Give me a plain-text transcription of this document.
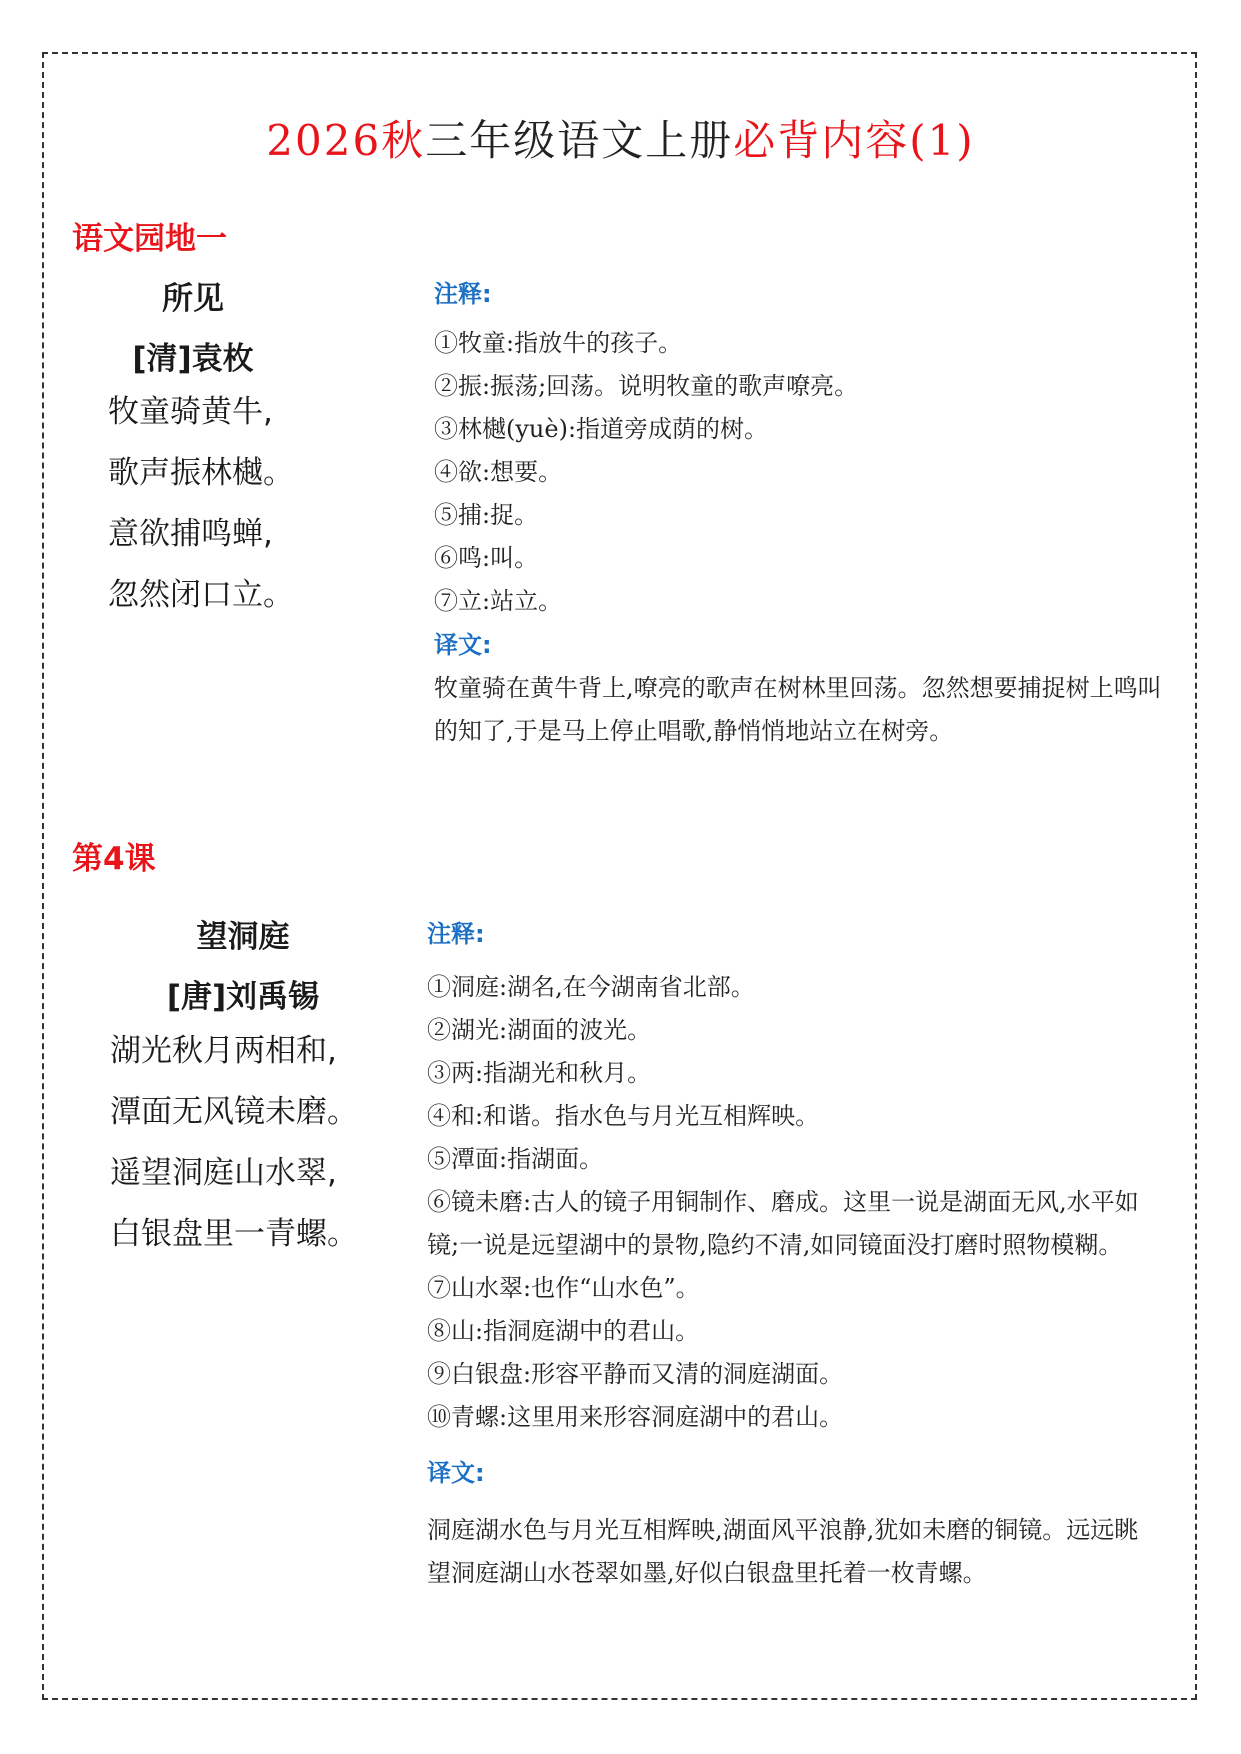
2026秋三年级语文上册必背内容(1)
语文园地一
所见
[清]袁枚
牧童骑黄牛,
歌声振林樾。
意欲捕鸣蝉,
忽然闭口立。
注释:
①牧童:指放牛的孩子。
②振:振荡;回荡。说明牧童的歌声嘹亮。
③林樾(yuè):指道旁成荫的树。
④欲:想要。
⑤捕:捉。
⑥鸣:叫。
⑦立:站立。
译文:
牧童骑在黄牛背上,嘹亮的歌声在树林里回荡。忽然想要捕捉树上鸣叫的知了,于是马上停止唱歌,静悄悄地站立在树旁。
第4课
望洞庭
[唐]刘禹锡
湖光秋月两相和,
潭面无风镜未磨。
遥望洞庭山水翠,
白银盘里一青螺。
注释:
①洞庭:湖名,在今湖南省北部。
②湖光:湖面的波光。
③两:指湖光和秋月。
④和:和谐。指水色与月光互相辉映。
⑤潭面:指湖面。
⑥镜未磨:古人的镜子用铜制作、磨成。这里一说是湖面无风,水平如镜;一说是远望湖中的景物,隐约不清,如同镜面没打磨时照物模糊。
⑦山水翠:也作“山水色”。
⑧山:指洞庭湖中的君山。
⑨白银盘:形容平静而又清的洞庭湖面。
⑩青螺:这里用来形容洞庭湖中的君山。
译文:
洞庭湖水色与月光互相辉映,湖面风平浪静,犹如未磨的铜镜。远远眺望洞庭湖山水苍翠如墨,好似白银盘里托着一枚青螺。
